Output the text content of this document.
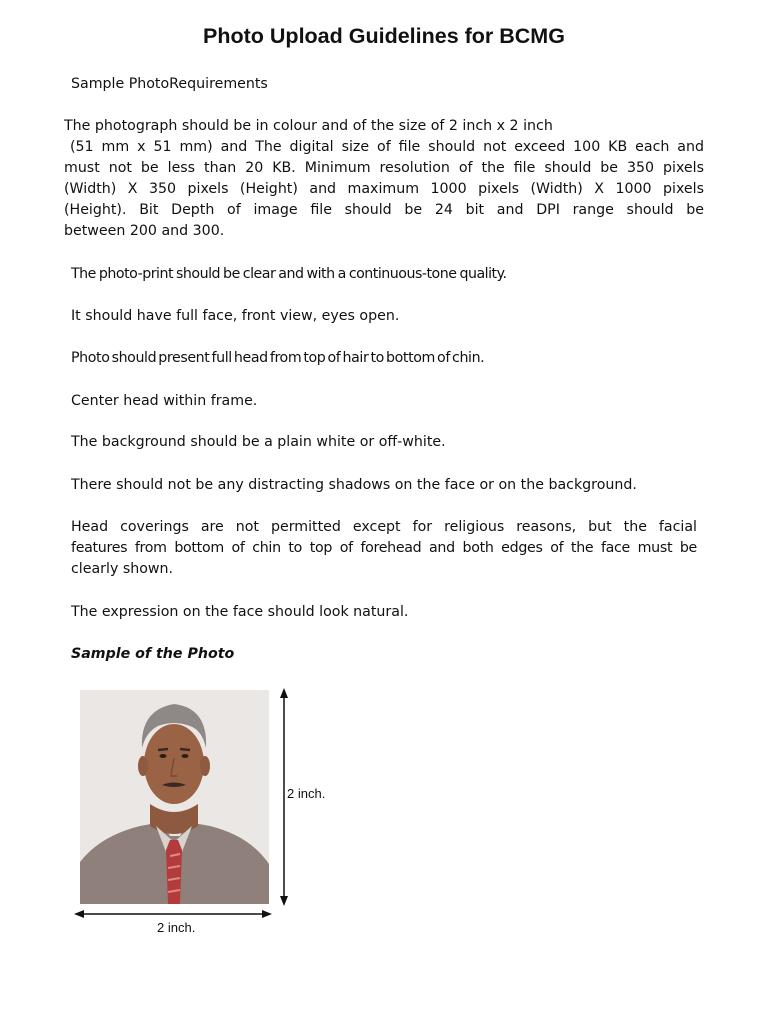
Photo Upload Guidelines for BCMG

Sample PhotoRequirements

The photograph should be in colour and of the size of 2 inch x 2 inch
(51 mm x 51 mm) and The digital size of file should not exceed 100 KB each and
must not be less than 20 KB. Minimum resolution of the file should be 350 pixels
(Width) X 350 pixels (Height) and maximum 1000 pixels (Width) X 1000 pixels
(Height). Bit Depth of image file should be 24 bit and DPI range should be
between 200 and 300.

The photo-print should be clear and with a continuous-tone quality.

It should have full face, front view, eyes open.

Photo should present full head from top of hair to bottom of chin.

Center head within frame.

The background should be a plain white or off-white.

There should not be any distracting shadows on the face or on the background.

Head coverings are not permitted except for religious reasons, but the facial
features from bottom of chin to top of forehead and both edges of the face must be
clearly shown.

The expression on the face should look natural.

Sample of the Photo

2 inch.
2 inch.
